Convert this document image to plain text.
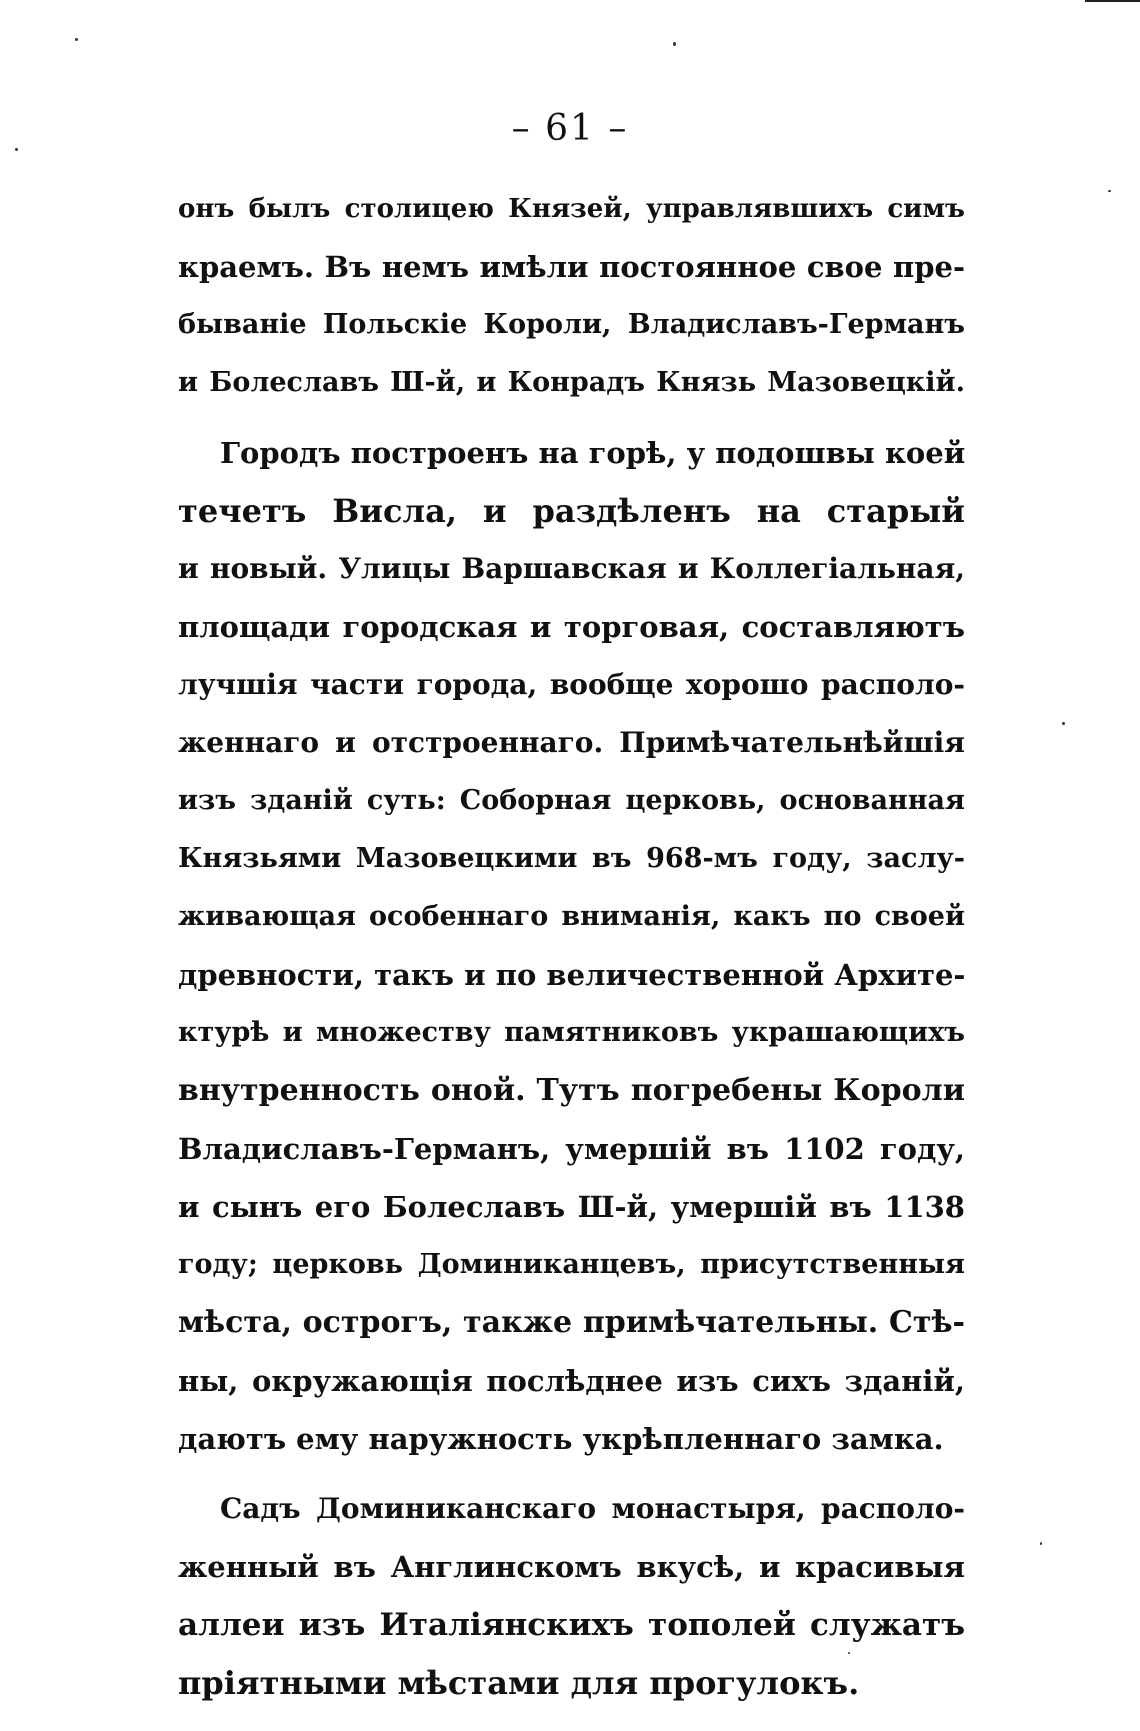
– 61 –
онъ былъ столицею Князей, управлявшихъ симъ
краемъ. Въ немъ имѣли постоянное свое пре-
бываніе Польскіе Короли, Владиславъ-Германъ
и Болеславъ Ш-й, и Конрадъ Князь Мазовецкій.
Городъ построенъ на горѣ, у подошвы коей
течетъ Висла, и раздѣленъ на старый
и новый. Улицы Варшавская и Коллегіальная,
площади городская и торговая, составляютъ
лучшія части города, вообще хорошо располо-
женнаго и отстроеннаго. Примѣчательнѣйшія
изъ зданій суть: Соборная церковь, основанная
Князьями Мазовецкими въ 968-мъ году, заслу-
живающая особеннаго вниманія, какъ по своей
древности, такъ и по величественной Архите-
ктурѣ и множеству памятниковъ украшающихъ
внутренность оной. Тутъ погребены Короли
Владиславъ-Германъ, умершій въ 1102 году,
и сынъ его Болеславъ Ш-й, умершій въ 1138
году; церковь Доминиканцевъ, присутственныя
мѣста, острогъ, также примѣчательны. Стѣ-
ны, окружающія послѣднее изъ сихъ зданій,
даютъ ему наружность укрѣпленнаго замка.
Садъ Доминиканскаго монастыря, располо-
женный въ Англинскомъ вкусѣ, и красивыя
аллеи изъ Италіянскихъ тополей служатъ
пріятными мѣстами для прогулокъ.
